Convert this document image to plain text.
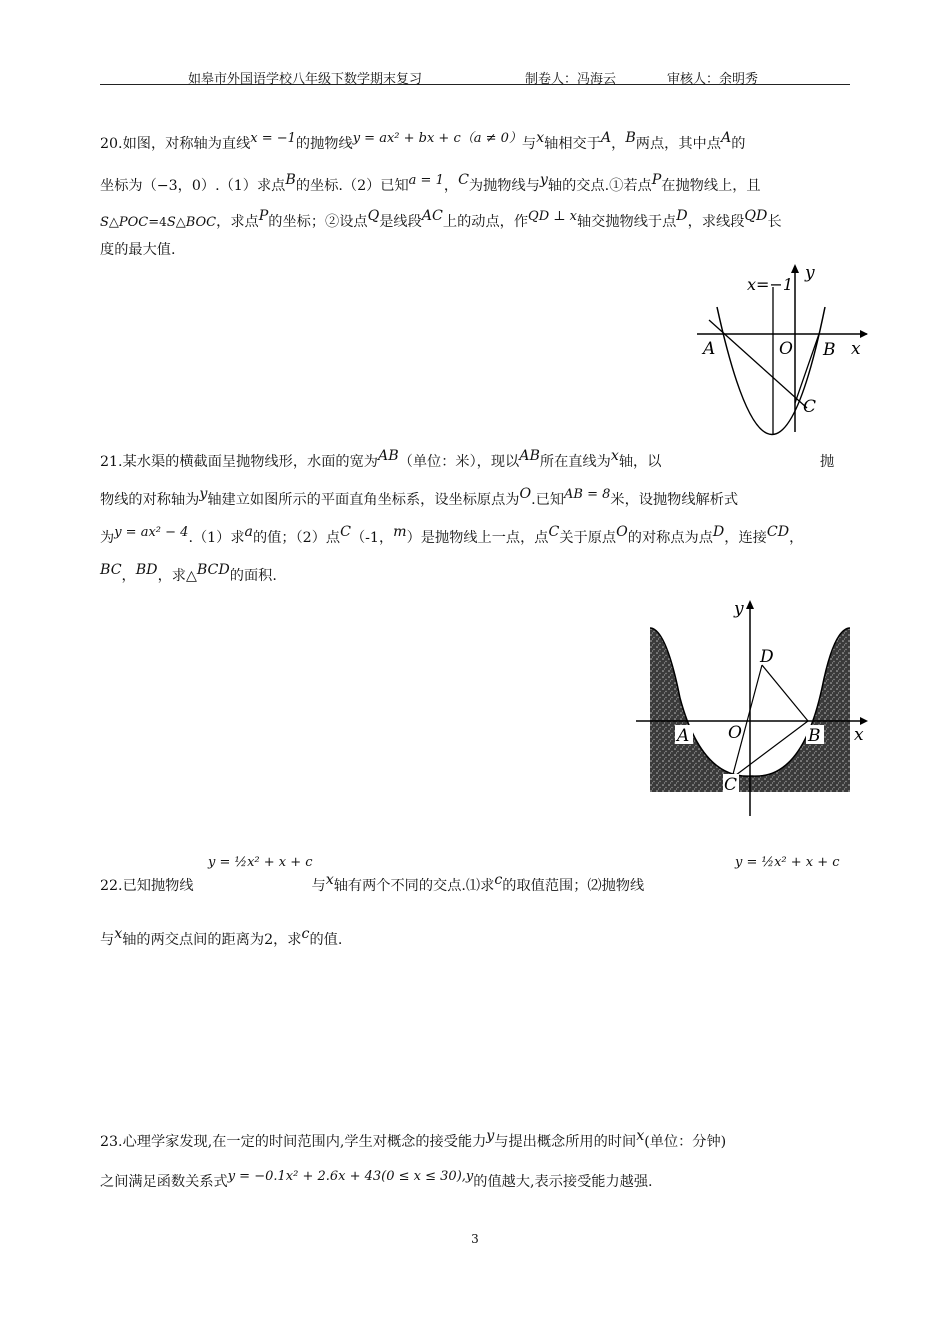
如皋市外国语学校八年级下数学期末复习	制卷人：冯海云	审核人：余明秀
20.如图，对称轴为直线x = −1的抛物线y = ax² + bx + c（a ≠ 0）与x轴相交于A，B两点，其中点A的
坐标为（−3，0）.（1）求点B的坐标.（2）已知a = 1，C为抛物线与y轴的交点.①若点P在抛物线上，且
S△POC=4S△BOC，求点P的坐标；②设点Q是线段AC上的动点，作QD ⊥ x轴交抛物线于点D，求线段QD长
度的最大值.
x=−1
A	O B
C
x
y
21.某水渠的横截面呈抛物线形，水面的宽为AB（单位：米），现以AB所在直线为x轴，以	抛
物线的对称轴为y轴建立如图所示的平面直角坐标系，设坐标原点为O.已知AB = 8米，设抛物线解析式
为y = ax² − 4.（1）求a的值；（2）点C（-1，m）是抛物线上一点，点C关于原点O的对称点为点D，连接CD，
BC，BD，求△BCD的面积.
y
D
A O	B x
C
y = ½x² + x + c	y = ½x² + x + c
22.已知抛物线	与x轴有两个不同的交点.⑴求c的取值范围；⑵抛物线
与x轴的两交点间的距离为2，求c的值.
23.心理学家发现,在一定的时间范围内,学生对概念的接受能力y与提出概念所用的时间x(单位：分钟)
之间满足函数关系式y = −0.1x² + 2.6x + 43(0 ≤ x ≤ 30),y的值越大,表示接受能力越强.
3
